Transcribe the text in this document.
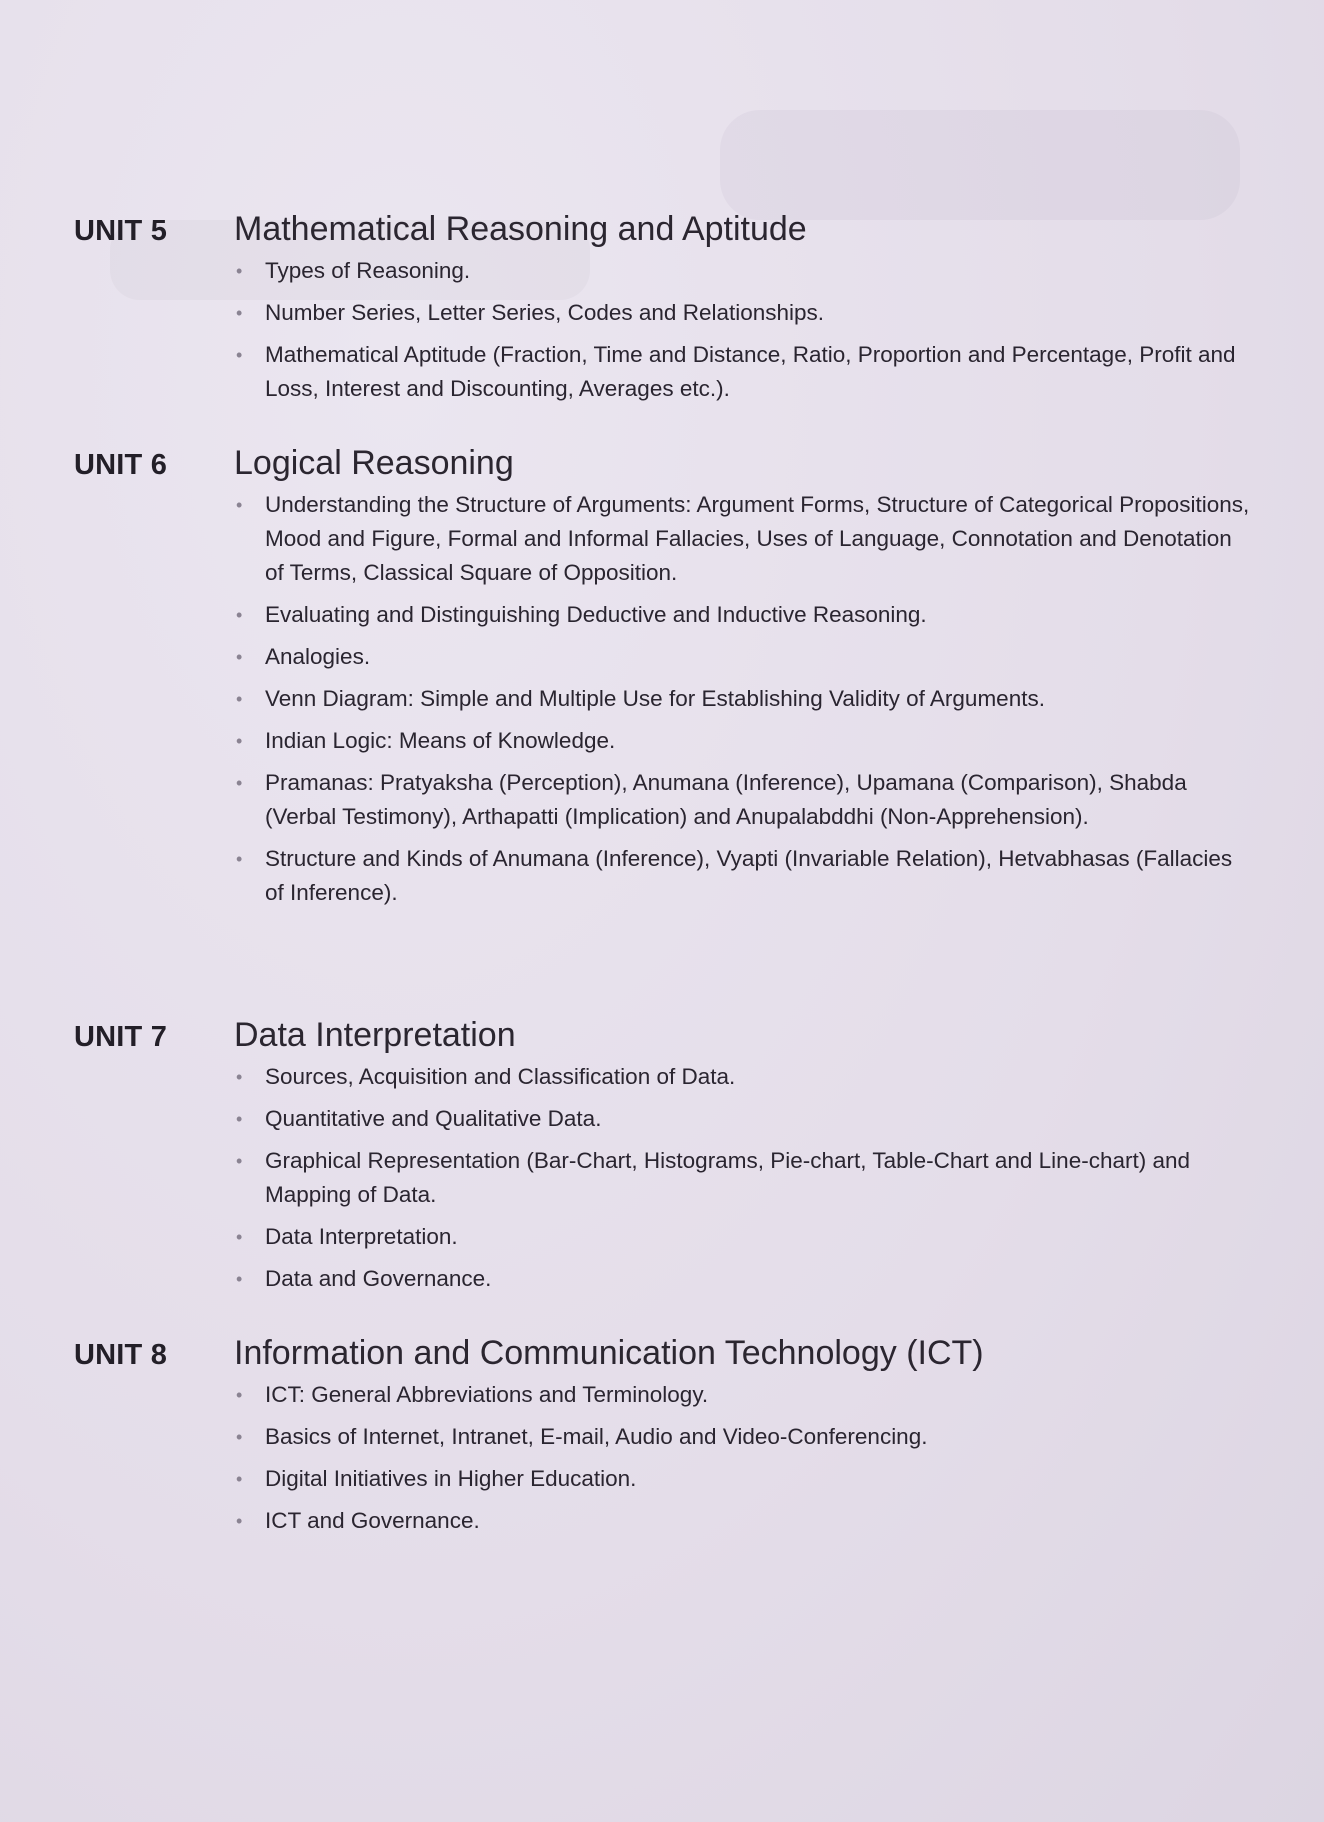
UNIT 5	Mathematical Reasoning and Aptitude
• Types of Reasoning.
• Number Series, Letter Series, Codes and Relationships.
• Mathematical Aptitude (Fraction, Time and Distance, Ratio, Proportion and Percentage, Profit and Loss, Interest and Discounting, Averages etc.).
UNIT 6	Logical Reasoning
• Understanding the Structure of Arguments: Argument Forms, Structure of Categorical Propositions, Mood and Figure, Formal and Informal Fallacies, Uses of Language, Connotation and Denotation of Terms, Classical Square of Opposition.
• Evaluating and Distinguishing Deductive and Inductive Reasoning.
• Analogies.
• Venn Diagram: Simple and Multiple Use for Establishing Validity of Arguments.
• Indian Logic: Means of Knowledge.
• Pramanas: Pratyaksha (Perception), Anumana (Inference), Upamana (Comparison), Shabda (Verbal Testimony), Arthapatti (Implication) and Anupalabddhi (Non-Apprehension).
• Structure and Kinds of Anumana (Inference), Vyapti (Invariable Relation), Hetvabhasas (Fallacies of Inference).
UNIT 7	Data Interpretation
• Sources, Acquisition and Classification of Data.
• Quantitative and Qualitative Data.
• Graphical Representation (Bar-Chart, Histograms, Pie-chart, Table-Chart and Line-chart) and Mapping of Data.
• Data Interpretation.
• Data and Governance.
UNIT 8	Information and Communication Technology (ICT)
• ICT: General Abbreviations and Terminology.
• Basics of Internet, Intranet, E-mail, Audio and Video-Conferencing.
• Digital Initiatives in Higher Education.
• ICT and Governance.
